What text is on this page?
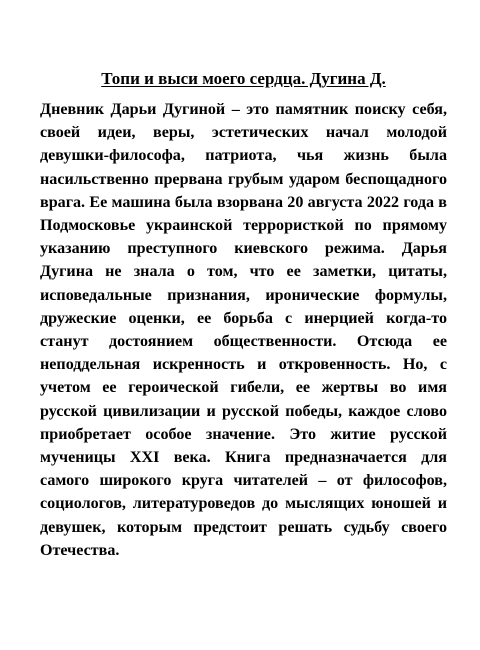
Топи и выси моего сердца. Дугина Д.

Дневник Дарьи Дугиной – это памятник поиску себя, своей идеи, веры, эстетических начал молодой девушки-философа, патриота, чья жизнь была насильственно прервана грубым ударом беспощадного врага. Ее машина была взорвана 20 августа 2022 года в Подмосковье украинской террористкой по прямому указанию преступного киевского режима. Дарья Дугина не знала о том, что ее заметки, цитаты, исповедальные признания, иронические формулы, дружеские оценки, ее борьба с инерцией когда-то станут достоянием общественности. Отсюда ее неподдельная искренность и откровенность. Но, с учетом ее героической гибели, ее жертвы во имя русской цивилизации и русской победы, каждое слово приобретает особое значение. Это житие русской мученицы XXI века. Книга предназначается для самого широкого круга читателей – от философов, социологов, литературоведов до мыслящих юношей и девушек, которым предстоит решать судьбу своего Отечества.
